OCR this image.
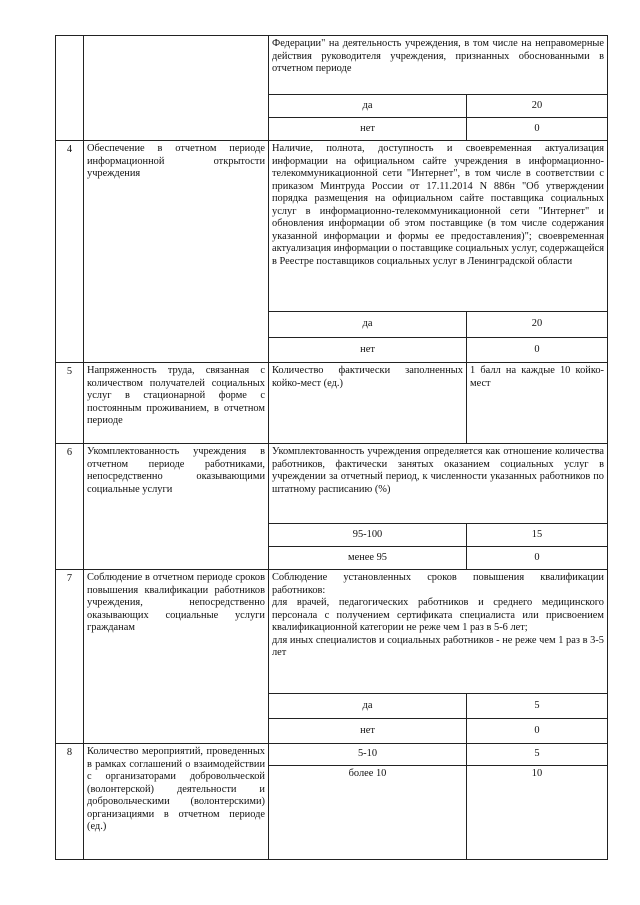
		Федерации" на деятельность учреждения, в том числе на неправомерные действия руководителя учреждения, признанных обоснованными в отчетном периоде	
		да	20
		нет	0
4	Обеспечение в отчетном периоде информационной открытости учреждения	Наличие, полнота, доступность и своевременная актуализация информации на официальном сайте учреждения в информационно-телекоммуникационной сети "Интернет", в том числе в соответствии с приказом Минтруда России от 17.11.2014 N 886н "Об утверждении порядка размещения на официальном сайте поставщика социальных услуг в информационно-телекоммуникационной сети "Интернет" и обновления информации об этом поставщике (в том числе содержания указанной информации и формы ее предоставления)"; своевременная актуализация информации о поставщике социальных услуг, содержащейся в Реестре поставщиков социальных услуг в Ленинградской области	
		да	20
		нет	0
5	Напряженность труда, связанная с количеством получателей социальных услуг в стационарной форме с постоянным проживанием, в отчетном периоде	Количество фактически заполненных койко-мест (ед.)	1 балл на каждые 10 койко-мест
6	Укомплектованность учреждения в отчетном периоде работниками, непосредственно оказывающими социальные услуги	Укомплектованность учреждения определяется как отношение количества работников, фактически занятых оказанием социальных услуг в учреждении за отчетный период, к численности указанных работников по штатному расписанию (%)	
		95-100	15
		менее 95	0
7	Соблюдение в отчетном периоде сроков повышения квалификации работников учреждения, непосредственно оказывающих социальные услуги гражданам	Соблюдение установленных сроков повышения квалификации работников:
для врачей, педагогических работников и среднего медицинского персонала с получением сертификата специалиста или присвоением квалификационной категории не реже чем 1 раз в 5-6 лет;
для иных специалистов и социальных работников - не реже чем 1 раз в 3-5 лет	

		да	5
		нет	0
8	Количество мероприятий, проведенных в рамках соглашений о взаимодействии с организаторами добровольческой (волонтерской) деятельности и добровольческими (волонтерскими) организациями в отчетном периоде (ед.)	5-10	5
		более 10	10
